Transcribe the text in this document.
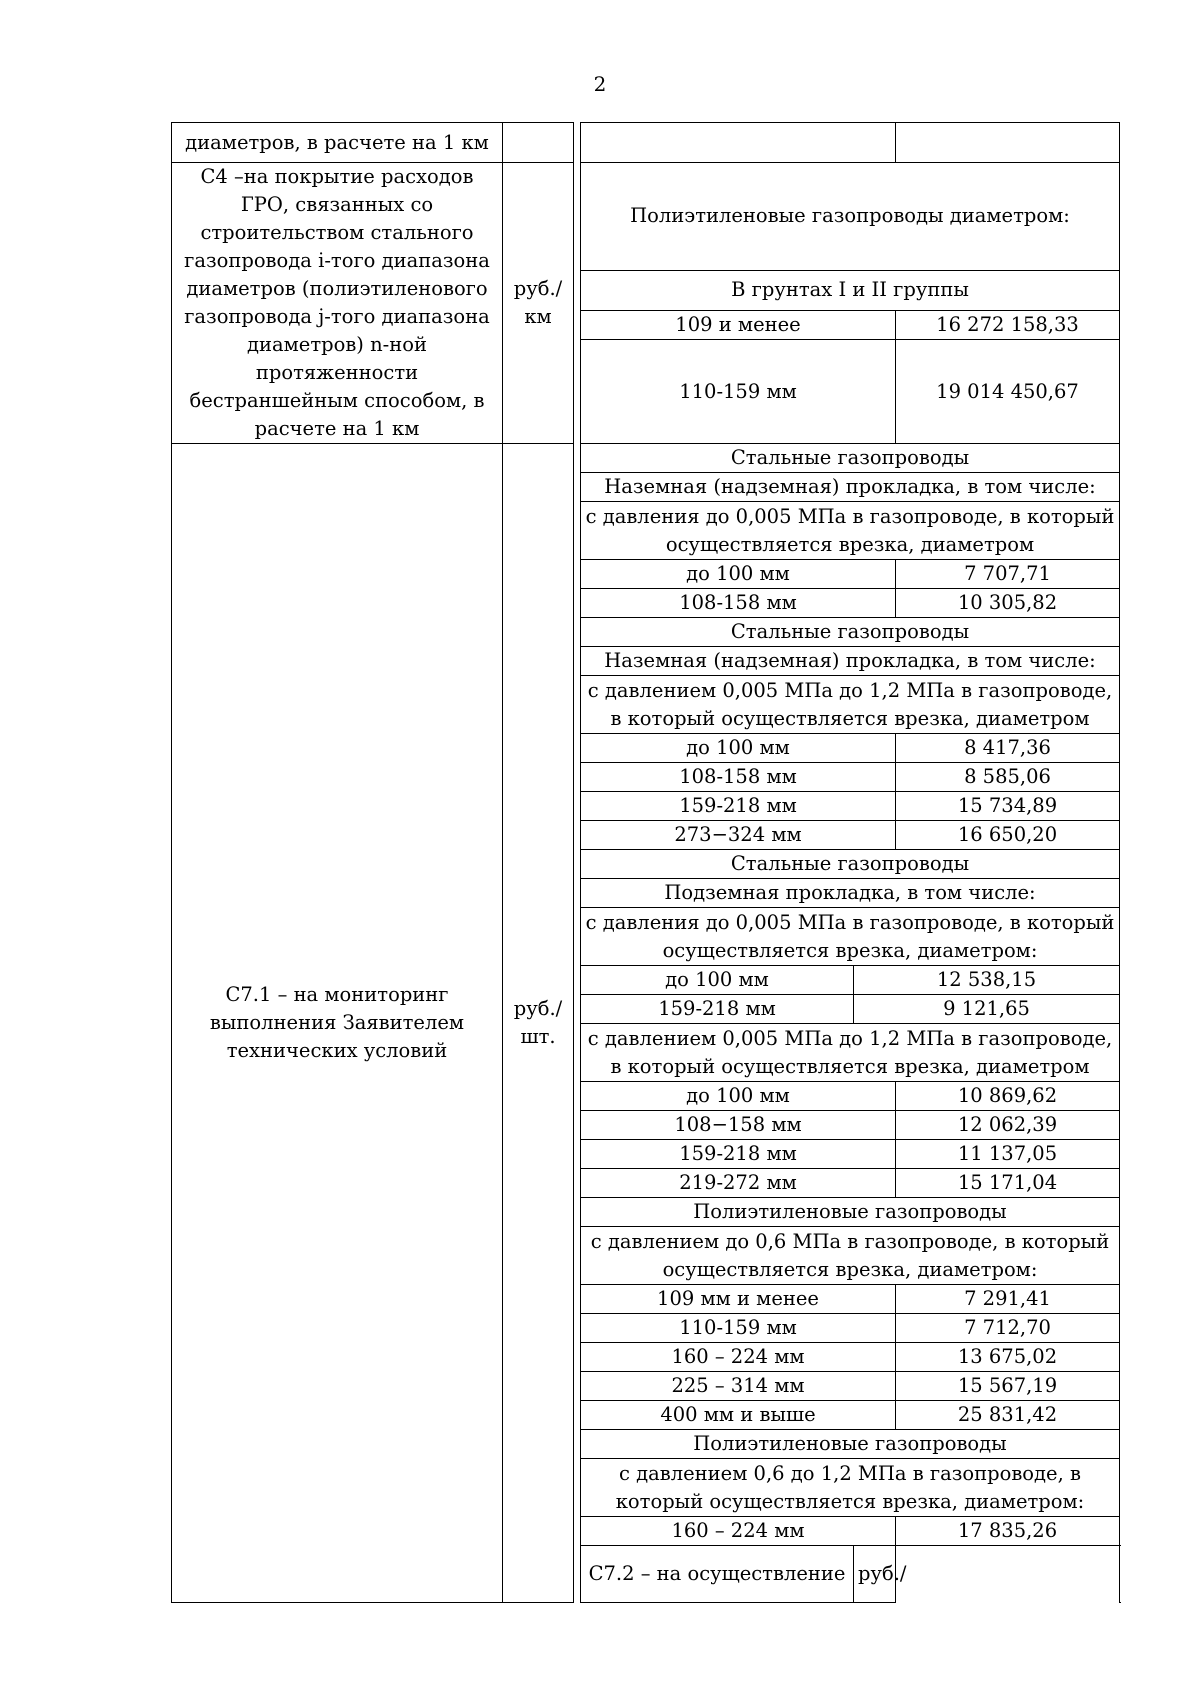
2
диаметров, в расчете на 1 км						
С4 –на покрытие расходов ГРО, связанных со строительством стального газопровода i-того диапазона диаметров (полиэтиленового газопровода j-того диапазона диаметров) n-ной протяженности бестраншейным способом, в расчете на 1 км	руб./ км		Полиэтиленовые газопроводы диаметром:			
			В грунтах I и II группы			
			109 и менее		16 272 158,33	
			110-159 мм		19 014 450,67	
С7.1 – на мониторинг выполнения Заявителем технических условий	руб./ шт.		Стальные газопроводы			
			Наземная (надземная) прокладка, в том числе:			
			с давления до 0,005 МПа в газопроводе, в который осуществляется врезка, диаметром			
			до 100 мм		7 707,71	
			108-158 мм		10 305,82	
			Стальные газопроводы			
			Наземная (надземная) прокладка, в том числе:			
			с давлением 0,005 МПа до 1,2 МПа в газопроводе, в который осуществляется врезка, диаметром			
			до 100 мм		8 417,36	
			108-158 мм		8 585,06	
			159-218 мм		15 734,89	
			273−324 мм		16 650,20	
			Стальные газопроводы			
			Подземная прокладка, в том числе:			
			с давления до 0,005 МПа в газопроводе, в который осуществляется врезка, диаметром:			
			до 100 мм	12 538,15		
			159-218 мм	9 121,65		
			с давлением 0,005 МПа до 1,2 МПа в газопроводе, в который осуществляется врезка, диаметром			
			до 100 мм		10 869,62	
			108−158 мм		12 062,39	
			159-218 мм		11 137,05	
			219-272 мм		15 171,04	
			Полиэтиленовые газопроводы			
			с давлением до 0,6 МПа в газопроводе, в который осуществляется врезка, диаметром:			
			109 мм и менее		7 291,41	
			110-159 мм		7 712,70	
			160 – 224 мм		13 675,02	
			225 – 314 мм		15 567,19	
			400 мм и выше		25 831,42	
			Полиэтиленовые газопроводы			
			с давлением 0,6 до 1,2 МПа в газопроводе, в который осуществляется врезка, диаметром:			
			160 – 224 мм		17 835,26	
			С7.2 – на осуществление	руб./		
